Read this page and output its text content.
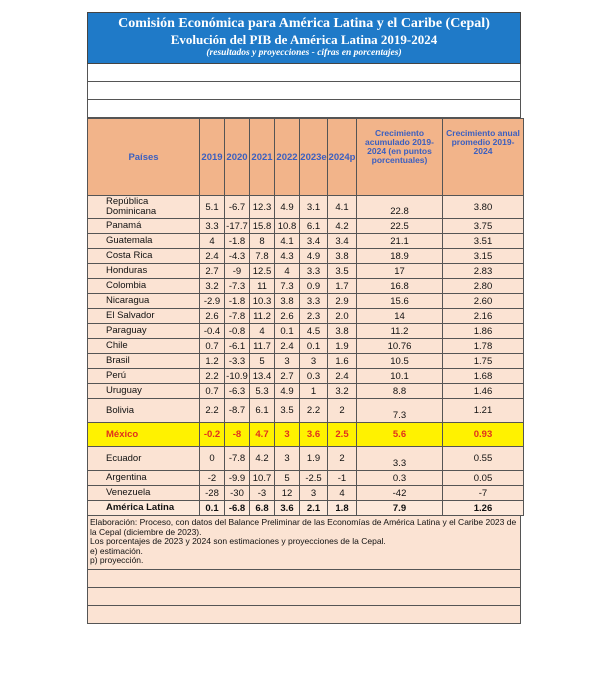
Comisión Económica para América Latina y el Caribe (Cepal)
Evolución del PIB de América Latina 2019-2024
(resultados y proyecciones - cifras en porcentajes)
Países	2019	2020	2021	2022	2023e	2024p	Crecimiento acumulado 2019-2024 (en puntos porcentuales)	Crecimiento anual promedio 2019-2024
República Dominicana	5.1	-6.7	12.3	4.9	3.1	4.1	22.8	3.80
Panamá	3.3	-17.7	15.8	10.8	6.1	4.2	22.5	3.75
Guatemala	4	-1.8	8	4.1	3.4	3.4	21.1	3.51
Costa Rica	2.4	-4.3	7.8	4.3	4.9	3.8	18.9	3.15
Honduras	2.7	-9	12.5	4	3.3	3.5	17	2.83
Colombia	3.2	-7.3	11	7.3	0.9	1.7	16.8	2.80
Nicaragua	-2.9	-1.8	10.3	3.8	3.3	2.9	15.6	2.60
El Salvador	2.6	-7.8	11.2	2.6	2.3	2.0	14	2.16
Paraguay	-0.4	-0.8	4	0.1	4.5	3.8	11.2	1.86
Chile	0.7	-6.1	11.7	2.4	0.1	1.9	10.76	1.78
Brasil	1.2	-3.3	5	3	3	1.6	10.5	1.75
Perú	2.2	-10.9	13.4	2.7	0.3	2.4	10.1	1.68
Uruguay	0.7	-6.3	5.3	4.9	1	3.2	8.8	1.46
Bolivia	2.2	-8.7	6.1	3.5	2.2	2	7.3	1.21
México	-0.2	-8	4.7	3	3.6	2.5	5.6	0.93
Ecuador	0	-7.8	4.2	3	1.9	2	3.3	0.55
Argentina	-2	-9.9	10.7	5	-2.5	-1	0.3	0.05
Venezuela	-28	-30	-3	12	3	4	-42	-7
América Latina	0.1	-6.8	6.8	3.6	2.1	1.8	7.9	1.26
Elaboración: Proceso, con datos del Balance Preliminar de las Economías de América Latina y el Caribe 2023 de la Cepal (diciembre de 2023).
Los porcentajes de 2023 y 2024 son estimaciones y proyecciones de la Cepal.
e) estimación.
p) proyección.
